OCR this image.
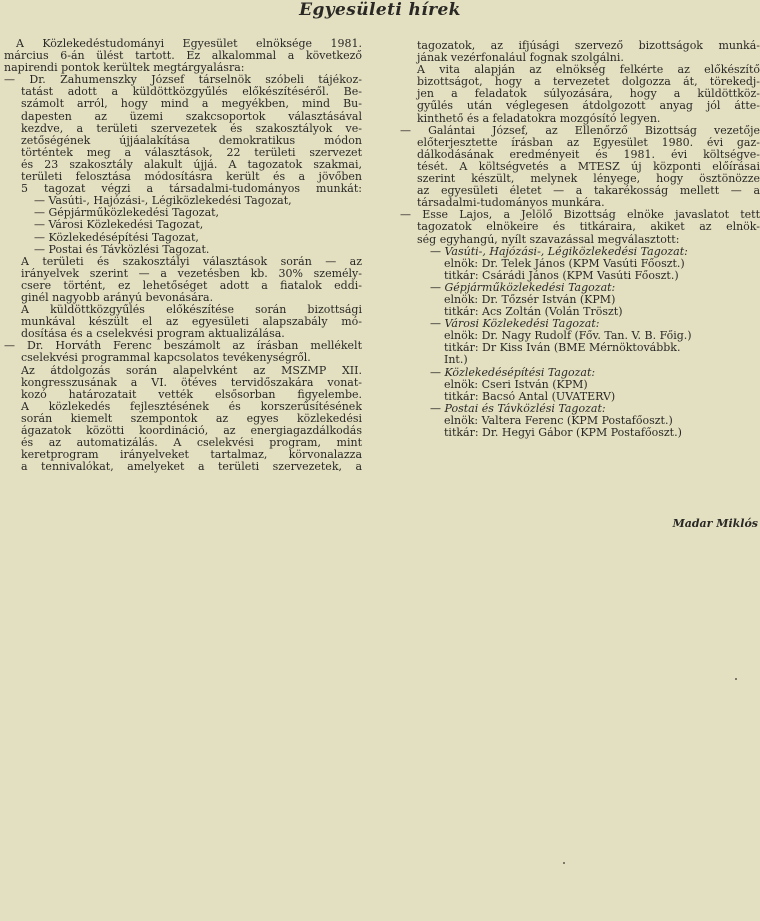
Egyesületi hírek
A Közlekedéstudományi Egyesület elnöksége 1981.
március 6-án ülést tartott. Ez alkalommal a következő
napirendi pontok kerültek megtárgyalásra:
— Dr. Zahumenszky József társelnök szóbeli tájékoz-
tatást adott a küldöttközgyűlés előkészítéséről. Be-
számolt arról, hogy mind a megyékben, mind Bu-
dapesten az üzemi szakcsoportok választásával
kezdve, a területi szervezetek és szakosztályok ve-
zetőségének újjáalakítása demokratikus módon
történtek meg a választások, 22 területi szervezet
és 23 szakosztály alakult újjá. A tagozatok szakmai,
területi felosztása módosításra került és a jövőben
5 tagozat végzi a társadalmi-tudományos munkát:
— Vasúti-, Hajózási-, Légiközlekedési Tagozat,
— Gépjárműközlekedési Tagozat,
— Városi Közlekedési Tagozat,
— Közlekedésépítési Tagozat,
— Postai és Távközlési Tagozat.
A területi és szakosztályi választások során — az
irányelvek szerint — a vezetésben kb. 30% személy-
csere történt, ez lehetőséget adott a fiatalok eddi-
ginél nagyobb arányú bevonására.
A küldöttközgyűlés előkészítése során bizottsági
munkával készült el az egyesületi alapszabály mó-
dosítása és a cselekvési program aktualizálása.
— Dr. Horváth Ferenc beszámolt az írásban mellékelt
cselekvési programmal kapcsolatos tevékenységről.
Az átdolgozás során alapelvként az MSZMP XII.
kongresszusának a VI. ötéves tervidőszakára vonat-
kozó határozatait vették elsősorban figyelembe.
A közlekedés fejlesztésének és korszerűsítésének
során kiemelt szempontok az egyes közlekedési
ágazatok közötti koordináció, az energiagazdálkodás
és az automatizálás. A cselekvési program, mint
keretprogram irányelveket tartalmaz, körvonalazza
a tennivalókat, amelyeket a területi szervezetek, a
tagozatok, az ifjúsági szervező bizottságok munká-
jának vezérfonalául fognak szolgálni.
A vita alapján az elnökség felkérte az előkészítő
bizottságot, hogy a tervezetet dolgozza át, törekedj-
jen a feladatok súlyozására, hogy a küldöttköz-
gyűlés után véglegesen átdolgozott anyag jól átte-
kinthető és a feladatokra mozgósító legyen.
— Galántai József, az Ellenőrző Bizottság vezetője
előterjesztette írásban az Egyesület 1980. évi gaz-
dálkodásának eredményeit és 1981. évi költségve-
tését. A költségvetés a MTESZ új központi előírásai
szerint készült, melynek lényege, hogy ösztönözze
az egyesületi életet — a takarékosság mellett — a
társadalmi-tudományos munkára.
— Esse Lajos, a Jelölő Bizottság elnöke javaslatot tett
tagozatok elnökeire és titkáraira, akiket az elnök-
ség egyhangú, nyílt szavazással megválasztott:
— Vasúti-, Hajózási-, Légiközlekedési Tagozat:
elnök: Dr. Telek János (KPM Vasúti Főoszt.)
titkár: Csárádi János (KPM Vasúti Főoszt.)
— Gépjárműközlekedési Tagozat:
elnök: Dr. Tőzsér István (KPM)
titkár: Ács Zoltán (Volán Tröszt)
— Városi Közlekedési Tagozat:
elnök: Dr. Nagy Rudolf (Főv. Tan. V. B. Főig.)
titkár: Dr Kiss Iván (BME Mérnöktovábbk.
Int.)
— Közlekedésépítési Tagozat:
elnök: Cseri István (KPM)
titkár: Bacsó Antal (UVATERV)
— Postai és Távközlési Tagozat:
elnök: Valtera Ferenc (KPM Postafőoszt.)
titkár: Dr. Hegyi Gábor (KPM Postafőoszt.)
Madar Miklós
